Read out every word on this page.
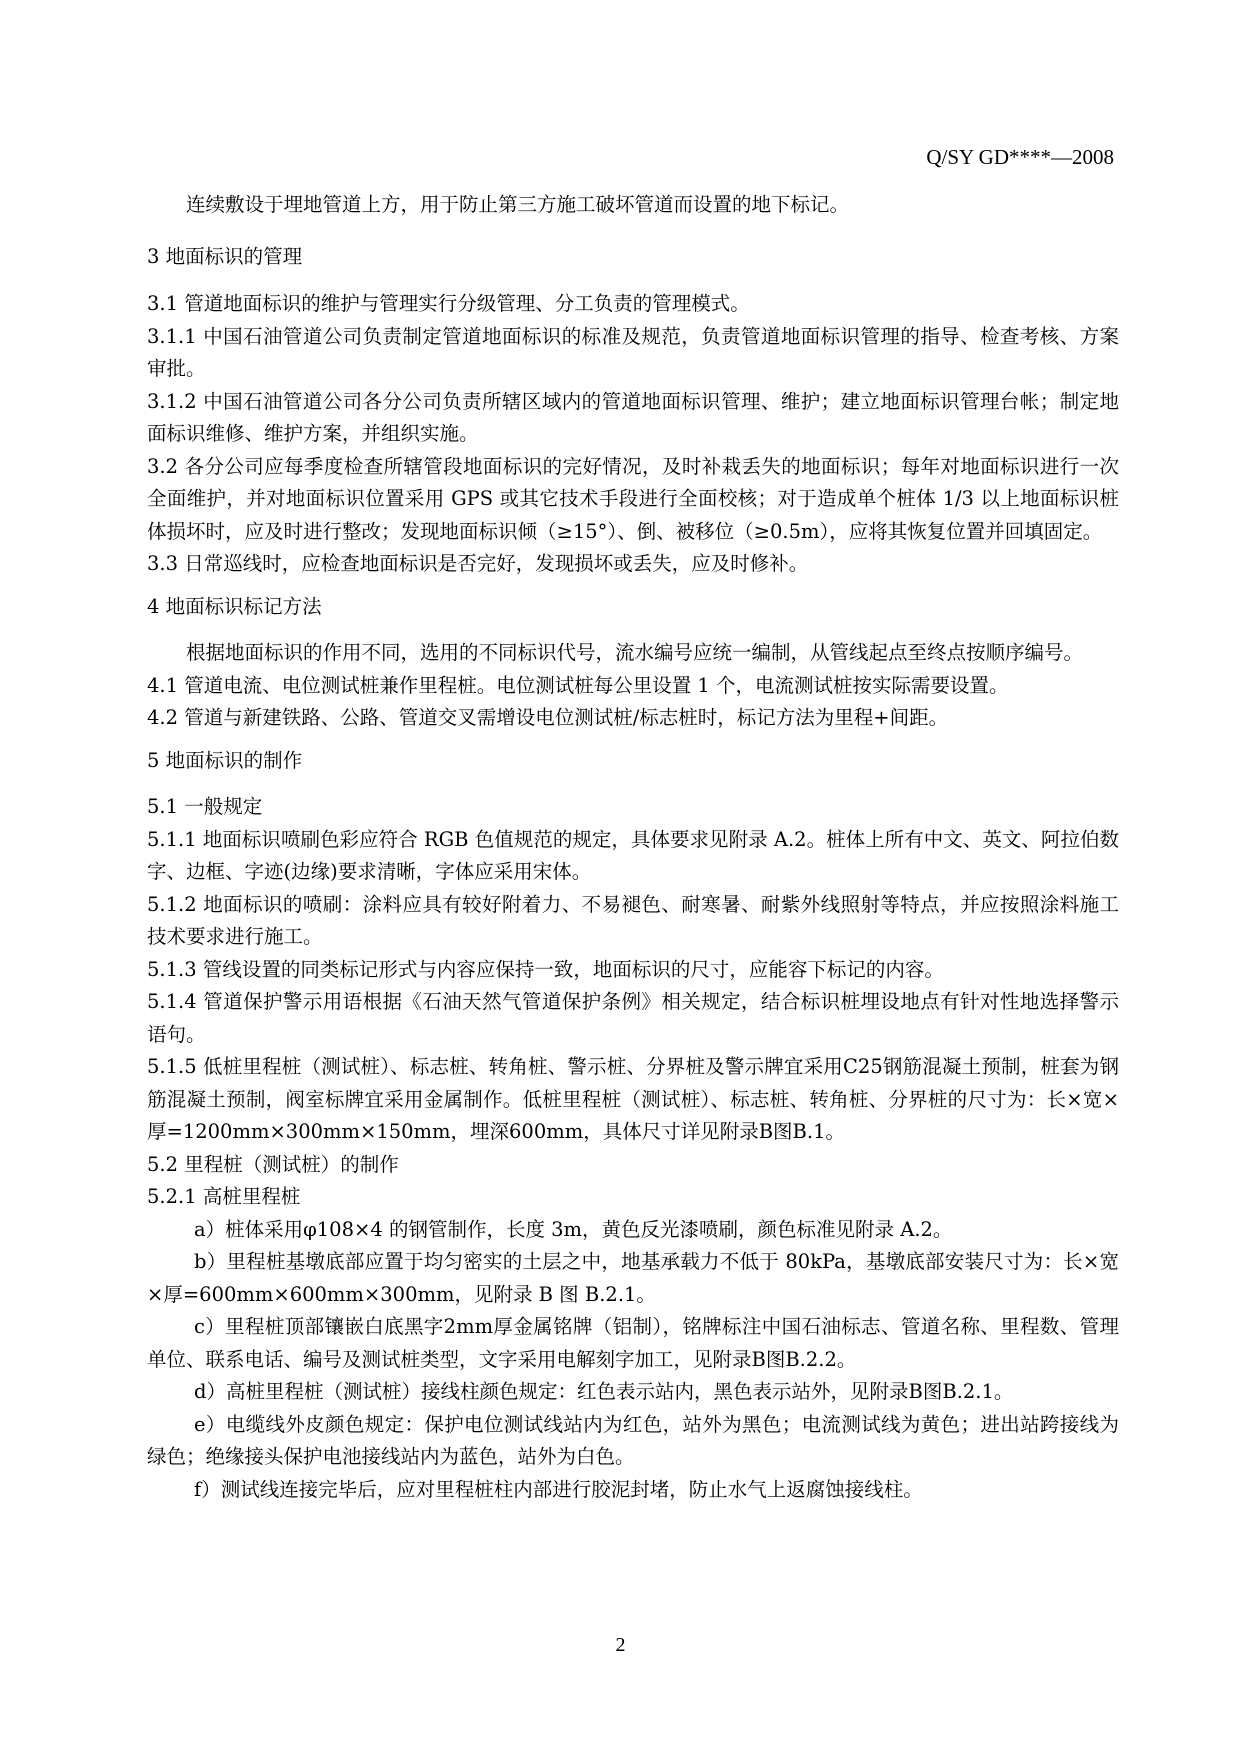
Q/SY GD****—2008

连续敷设于埋地管道上方，用于防止第三方施工破坏管道而设置的地下标记。

3 地面标识的管理

3.1 管道地面标识的维护与管理实行分级管理、分工负责的管理模式。

3.1.1 中国石油管道公司负责制定管道地面标识的标准及规范，负责管道地面标识管理的指导、检查考核、方案审批。

3.1.2 中国石油管道公司各分公司负责所辖区域内的管道地面标识管理、维护；建立地面标识管理台帐；制定地面标识维修、维护方案，并组织实施。

3.2 各分公司应每季度检查所辖管段地面标识的完好情况，及时补栽丢失的地面标识；每年对地面标识进行一次全面维护，并对地面标识位置采用 GPS 或其它技术手段进行全面校核；对于造成单个桩体 1/3 以上地面标识桩体损坏时，应及时进行整改；发现地面标识倾（≥15°）、倒、被移位（≥0.5m），应将其恢复位置并回填固定。

3.3 日常巡线时，应检查地面标识是否完好，发现损坏或丢失，应及时修补。

4 地面标识标记方法

根据地面标识的作用不同，选用的不同标识代号，流水编号应统一编制，从管线起点至终点按顺序编号。

4.1 管道电流、电位测试桩兼作里程桩。电位测试桩每公里设置 1 个，电流测试桩按实际需要设置。

4.2 管道与新建铁路、公路、管道交叉需增设电位测试桩/标志桩时，标记方法为里程+间距。

5 地面标识的制作

5.1 一般规定

5.1.1 地面标识喷刷色彩应符合 RGB 色值规范的规定，具体要求见附录 A.2。桩体上所有中文、英文、阿拉伯数字、边框、字迹(边缘)要求清晰，字体应采用宋体。

5.1.2 地面标识的喷刷：涂料应具有较好附着力、不易褪色、耐寒暑、耐紫外线照射等特点，并应按照涂料施工技术要求进行施工。

5.1.3 管线设置的同类标记形式与内容应保持一致，地面标识的尺寸，应能容下标记的内容。

5.1.4 管道保护警示用语根据《石油天然气管道保护条例》相关规定，结合标识桩埋设地点有针对性地选择警示语句。

5.1.5 低桩里程桩（测试桩）、标志桩、转角桩、警示桩、分界桩及警示牌宜采用C25钢筋混凝土预制，桩套为钢筋混凝土预制，阀室标牌宜采用金属制作。低桩里程桩（测试桩）、标志桩、转角桩、分界桩的尺寸为：长×宽×厚=1200mm×300mm×150mm，埋深600mm，具体尺寸详见附录B图B.1。

5.2 里程桩（测试桩）的制作

5.2.1 高桩里程桩

a）桩体采用φ108×4 的钢管制作，长度 3m，黄色反光漆喷刷，颜色标准见附录 A.2。

b）里程桩基墩底部应置于均匀密实的土层之中，地基承载力不低于 80kPa，基墩底部安装尺寸为：长×宽×厚=600mm×600mm×300mm，见附录 B 图 B.2.1。

c）里程桩顶部镶嵌白底黑字2mm厚金属铭牌（铝制），铭牌标注中国石油标志、管道名称、里程数、管理单位、联系电话、编号及测试桩类型，文字采用电解刻字加工，见附录B图B.2.2。

d）高桩里程桩（测试桩）接线柱颜色规定：红色表示站内，黑色表示站外，见附录B图B.2.1。

e）电缆线外皮颜色规定：保护电位测试线站内为红色，站外为黑色；电流测试线为黄色；进出站跨接线为绿色；绝缘接头保护电池接线站内为蓝色，站外为白色。

f）测试线连接完毕后，应对里程桩柱内部进行胶泥封堵，防止水气上返腐蚀接线柱。

2
